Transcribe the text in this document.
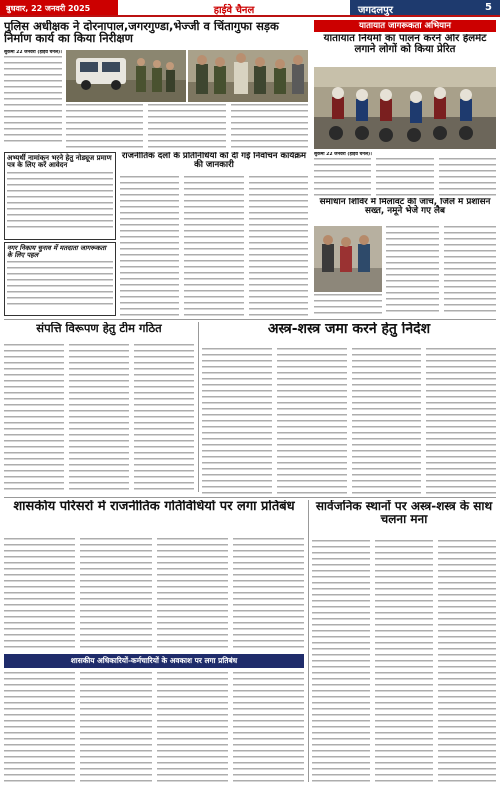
बुधवार, 22 जनवरी 2025	हाईवे चैनल	जगदलपुर	5
पुलिस अधीक्षक ने दोरनापाल,जगरगुण्डा,भेज्जी व चिंतागुफा सड़क निर्माण कार्य का किया निरीक्षण
सुकमा 22 जनवरी (हाईवे चैनल)।
अभ्यर्थी नामांकन भरने हेतु नोड्यूज प्रमाण पत्र के लिए करें आवेदन
राजनीतिक दलों के प्रतिनिधियों को दी गई निर्वाचन कार्यक्रम की जानकारी
नगर निकाय चुनाव में मतदाता जागरूकता के लिए पहल
यातायात जागरूकता अभियान
यातायात नियमों का पालन करने और हेलमेट लगाने लोगों को किया प्रेरित
सुकमा 22 जनवरी (हाईवे चैनल)।
समाधान शिविर में मिलावट की जांच, जिले में प्रशासन सख्त, नमूने भेजे गए लैब
संपत्ति विरूपण हेतु टीम गठित	अस्त्र-शस्त्र जमा करने हेतु निर्देश
शासकीय परिसरों में राजनीतिक गतिविधियों पर लगा प्रतिबंध
शासकीय अधिकारियों-कर्मचारियों के अवकाश पर लगा प्रतिबंध
सार्वजनिक स्थानों पर अस्त्र-शस्त्र के साथ चलना मना
